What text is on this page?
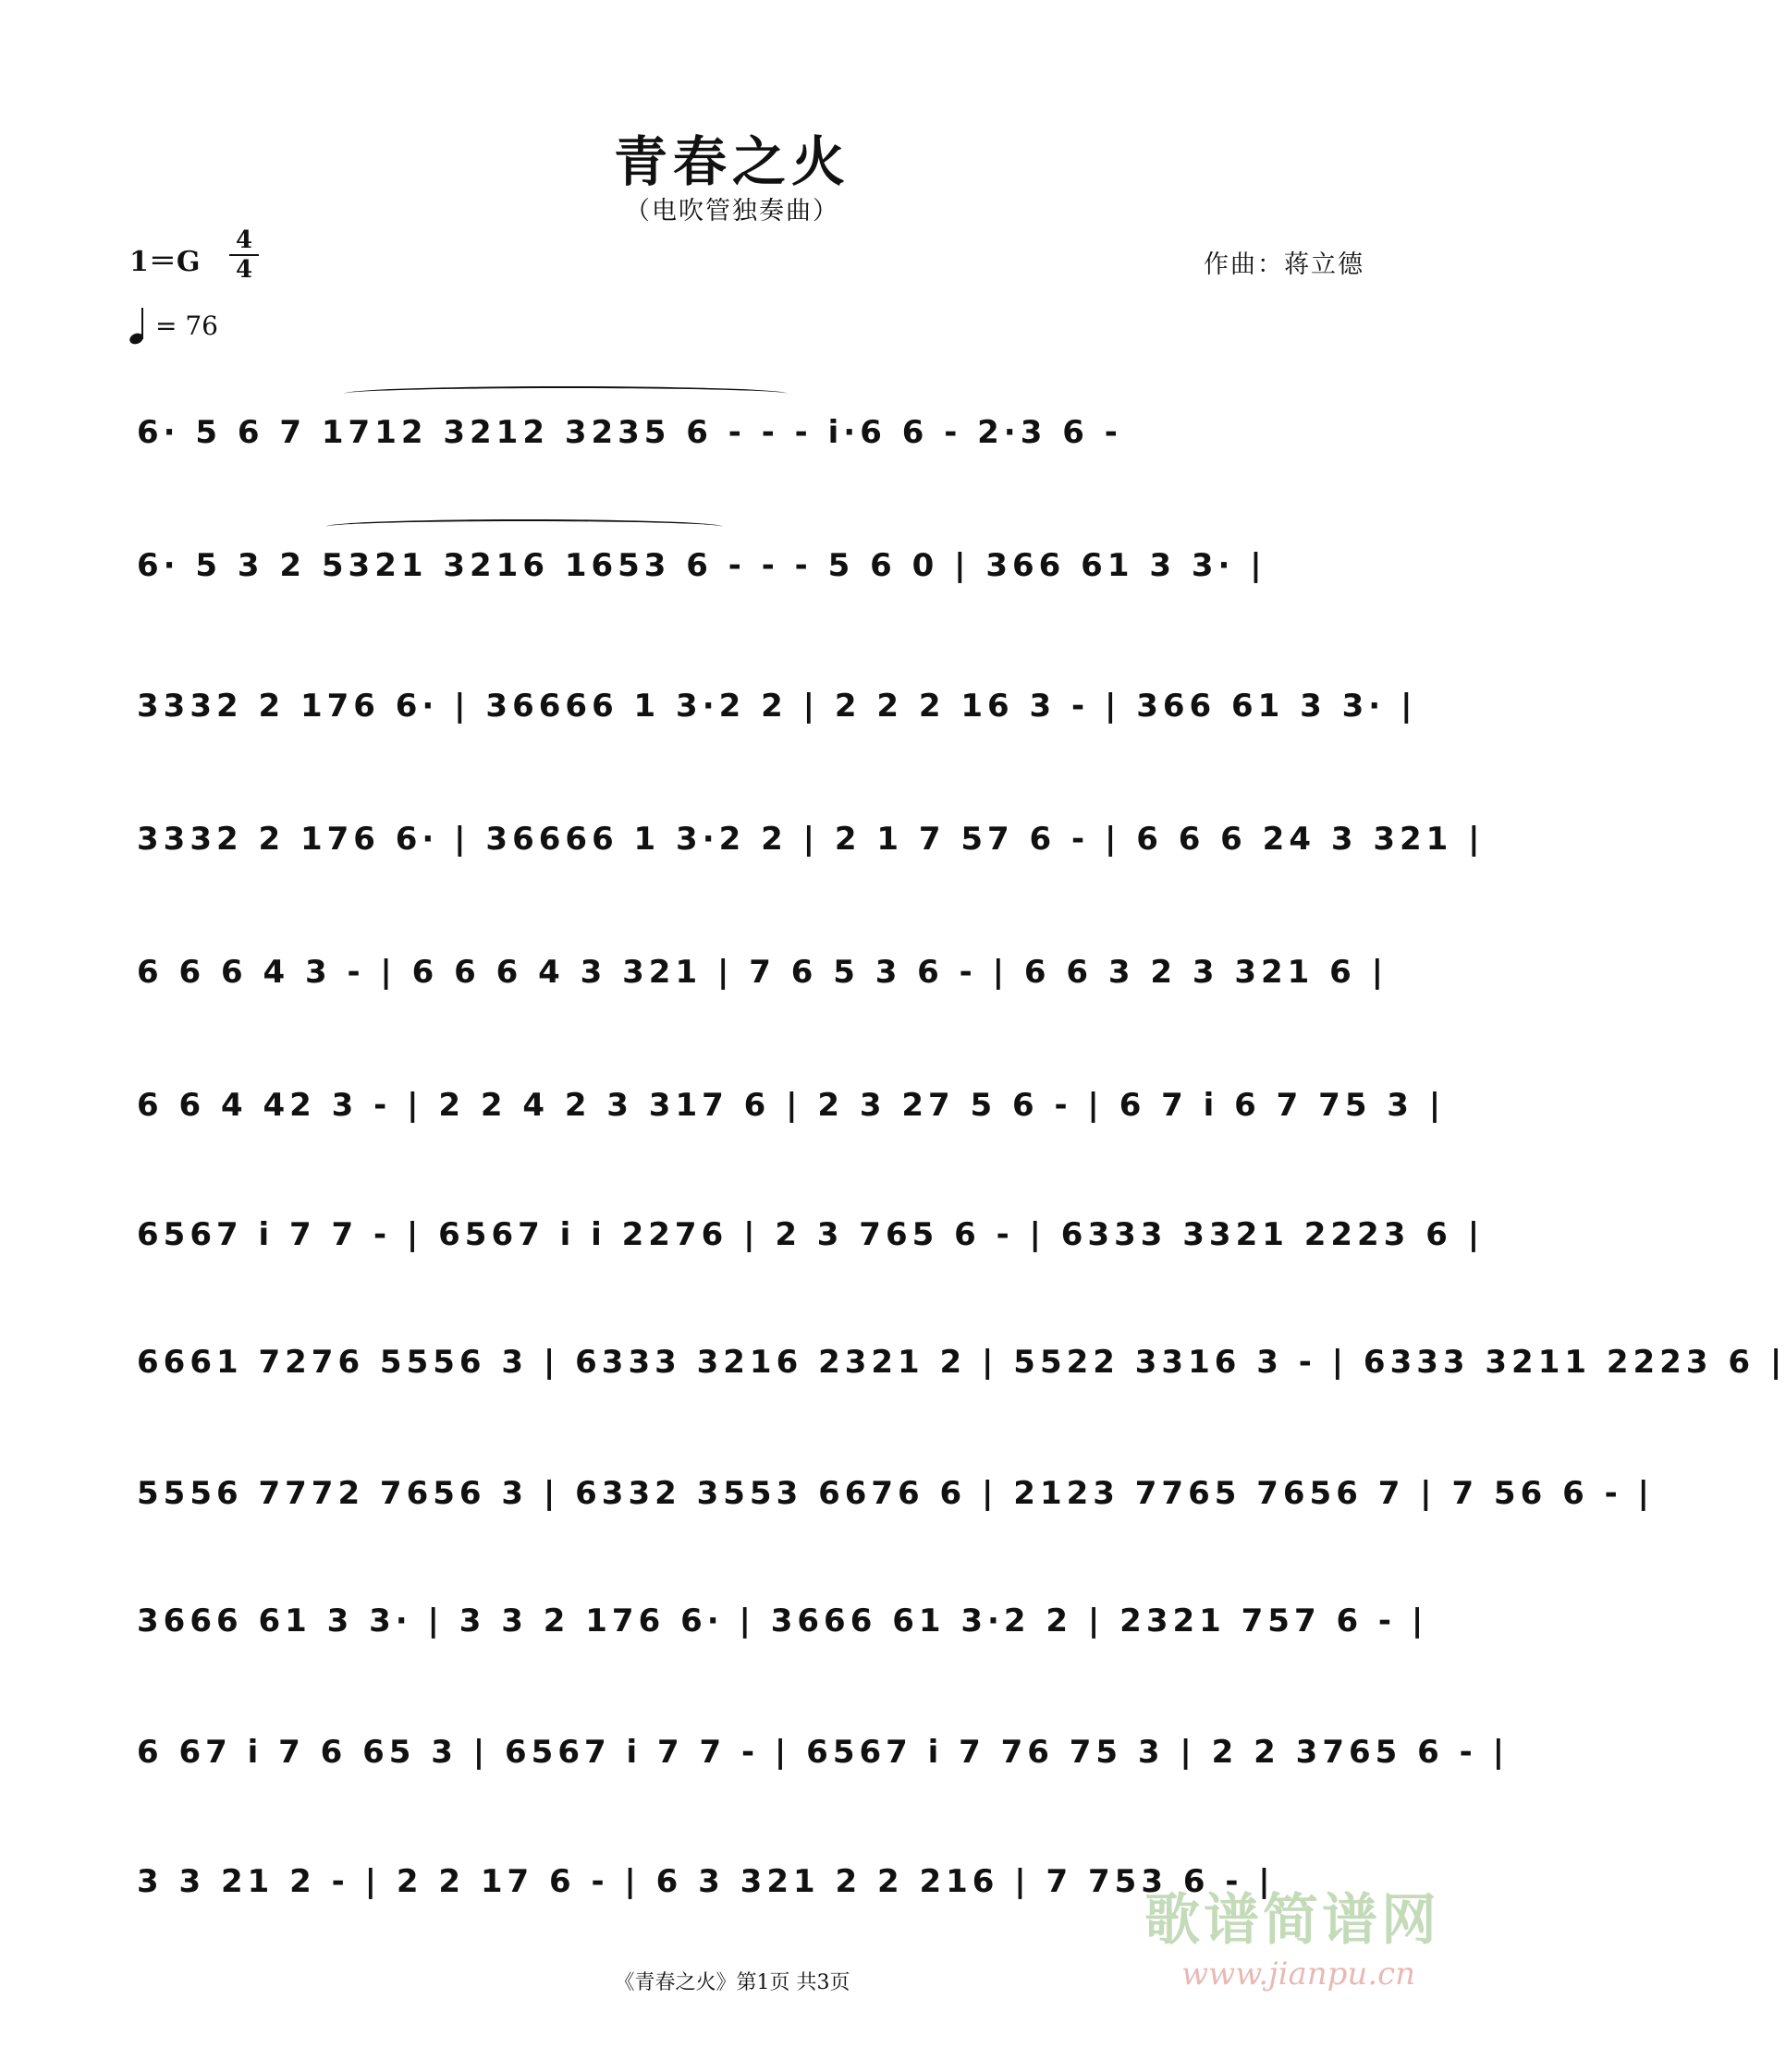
青春之火
（电吹管独奏曲）
1＝G
4
4	作曲：蒋立德
= 76
6· 5 6 7 1712 3212 3235 6 - - - i·6 6 - 2·3 6 -
6· 5 3 2 5321 3216 1653 6 - - - 5 6 0 | 366 61 3 3· |
3332 2 176 6· | 36666 1 3·2 2 | 2 2 2 16 3 - | 366 61 3 3· |
3332 2 176 6· | 36666 1 3·2 2 | 2 1 7 57 6 - | 6 6 6 24 3 321 |
6 6 6 4 3 - | 6 6 6 4 3 321 | 7 6 5 3 6 - | 6 6 3 2 3 321 6 |
6 6 4 42 3 - | 2 2 4 2 3 317 6 | 2 3 27 5 6 - | 6 7 i 6 7 75 3 |
6567 i 7 7 - | 6567 i i 2276 | 2 3 765 6 - | 6333 3321 2223 6 |
6661 7276 5556 3 | 6333 3216 2321 2 | 5522 3316 3 - | 6333 3211 2223 6 |
5556 7772 7656 3 | 6332 3553 6676 6 | 2123 7765 7656 7 | 7 56 6 - |
3666 61 3 3· | 3 3 2 176 6· | 3666 61 3·2 2 | 2321 757 6 - |
6 67 i 7 6 65 3 | 6567 i 7 7 - | 6567 i 7 76 75 3 | 2 2 3765 6 - |
3 3 21 2 - | 2 2 17 6 - | 6 3 321 2 2 216 | 7 753 6 - |
《青春之火》第1页 共3页
歌谱简谱网
www.jianpu.cn
